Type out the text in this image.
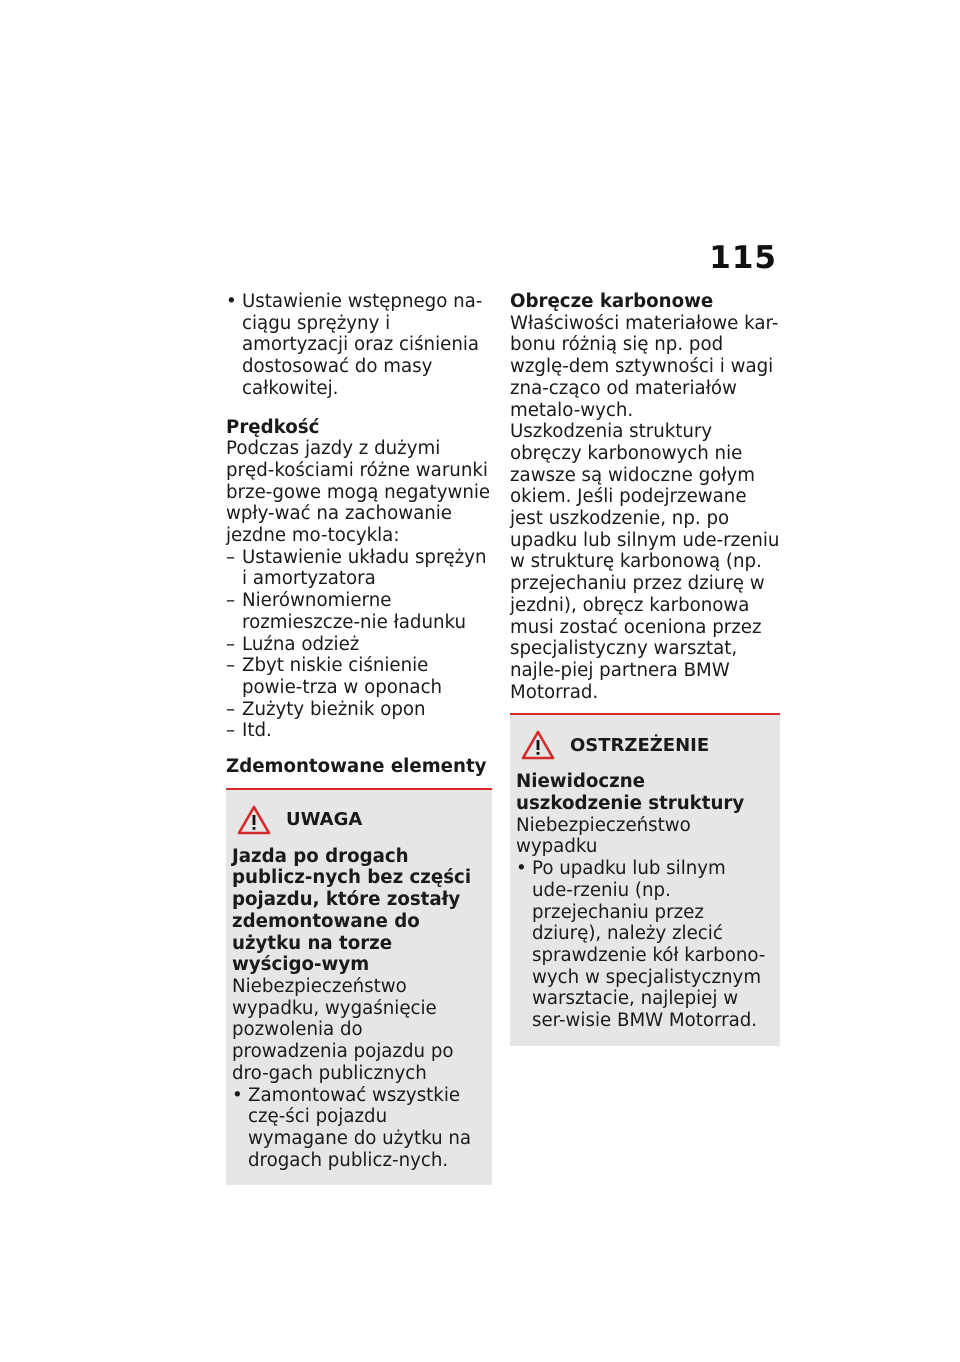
115

• Ustawienie wstępnego na-ciągu sprężyny i amortyzacji oraz ciśnienia dostosować do masy całkowitej.

Prędkość

Podczas jazdy z dużymi pręd-kościami różne warunki brze-gowe mogą negatywnie wpły-wać na zachowanie jezdne mo-tocykla:

– Ustawienie układu sprężyn i amortyzatora

– Nierównomierne rozmieszcze-nie ładunku

– Luźna odzież

– Zbyt niskie ciśnienie powie-trza w oponach

– Zużyty bieżnik opon

– Itd.

Zdemontowane elementy

UWAGA

Jazda po drogach publicz-nych bez części pojazdu, które zostały zdemontowane do użytku na torze wyścigo-wym

Niebezpieczeństwo wypadku, wygaśnięcie pozwolenia do prowadzenia pojazdu po dro-gach publicznych

• Zamontować wszystkie czę-ści pojazdu wymagane do użytku na drogach publicz-nych.

Obręcze karbonowe

Właściwości materiałowe kar-bonu różnią się np. pod wzglę-dem sztywności i wagi zna-cząco od materiałów metalo-wych.

Uszkodzenia struktury obręczy karbonowych nie zawsze są widoczne gołym okiem. Jeśli podejrzewane jest uszkodzenie, np. po upadku lub silnym ude-rzeniu w strukturę karbonową (np. przejechaniu przez dziurę w jezdni), obręcz karbonowa musi zostać oceniona przez specjalistyczny warsztat, najle-piej partnera BMW Motorrad.

OSTRZEŻENIE

Niewidoczne uszkodzenie struktury

Niebezpieczeństwo wypadku

• Po upadku lub silnym ude-rzeniu (np. przejechaniu przez dziurę), należy zlecić sprawdzenie kół karbono-wych w specjalistycznym warsztacie, najlepiej w ser-wisie BMW Motorrad.
